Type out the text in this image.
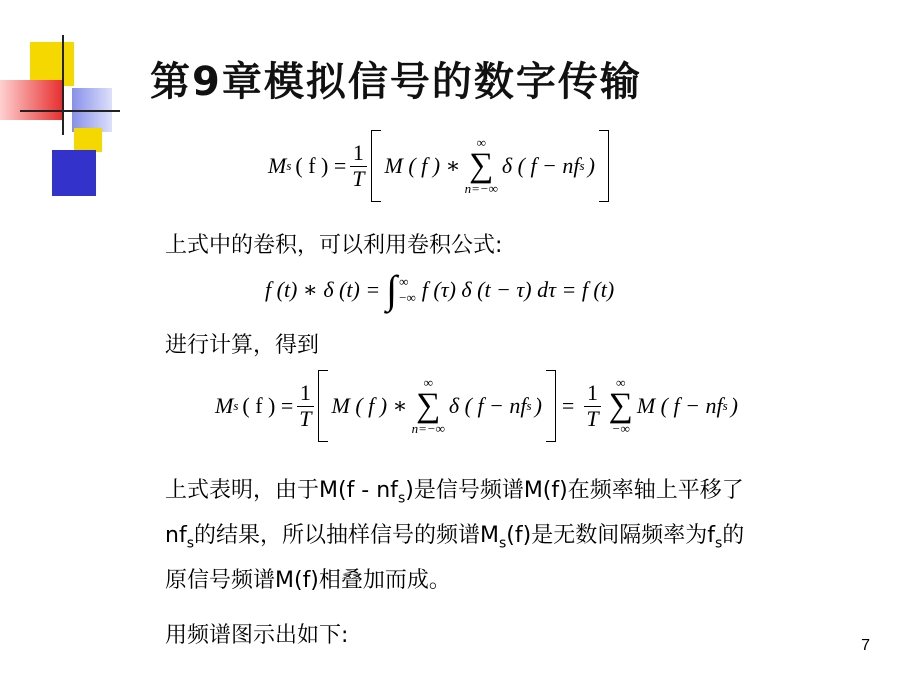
第9章模拟信号的数字传输
M s ( f ) = $\frac{1}{T}$ M ( f ) ∗
∞
∑
n=−∞
δ ( f − nf s )
上式中的卷积，可以利用卷积公式:
f (t) ∗ δ (t) = ∫ ∞
−∞ f (τ) δ (t − τ) dτ = f (t)
进行计算，得到
M s ( f ) = $\frac{1}{T}$ M ( f ) ∗
∞
∑
n=−∞
δ ( f − nf s ) = $\frac{1}{T}$ ∞
∑
−∞
M ( f − nf s )
上式表明，由于$M(f - nf_s)$是信号频谱M(f)在频率轴上平移了
$nf_s$的结果，所以抽样信号的频谱$M_s(f)$是无数间隔频率为$f_s$的
原信号频谱M(f)相叠加而成。
用频谱图示出如下:	7
